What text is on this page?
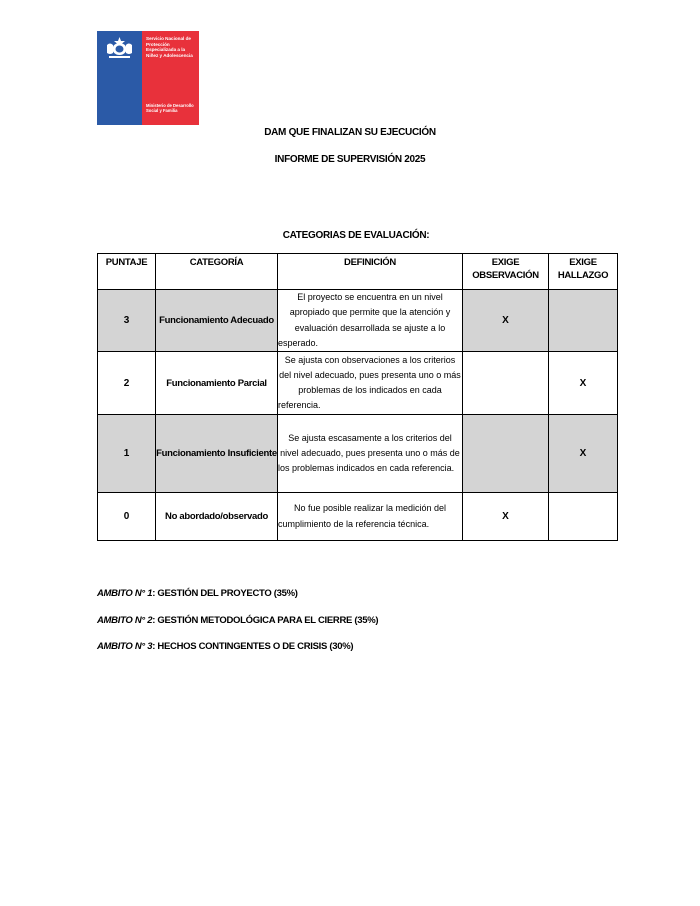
Servicio Nacional de Protección Especializada a la Niñez y Adolescencia
Ministerio de Desarrollo Social y Familia
DAM QUE FINALIZAN SU EJECUCIÓN
INFORME DE SUPERVISIÓN 2025
CATEGORIAS DE EVALUACIÓN:
PUNTAJE	CATEGORÍA	DEFINICIÓN	EXIGE OBSERVACIÓN	EXIGE HALLAZGO
3	Funcionamiento Adecuado	El proyecto se encuentra en un nivel apropiado que permite que la atención y evaluación desarrollada se ajuste a lo esperado.	X	
2	Funcionamiento Parcial	Se ajusta con observaciones a los criterios del nivel adecuado, pues presenta uno o más problemas de los indicados en cada referencia.		X
1	Funcionamiento Insuficiente	Se ajusta escasamente a los criterios del nivel adecuado, pues presenta uno o más de los problemas indicados en cada referencia.		X
0	No abordado/observado	No fue posible realizar la medición del cumplimiento de la referencia técnica.	X	
AMBITO N° 1: GESTIÓN DEL PROYECTO (35%)
AMBITO N° 2: GESTIÓN METODOLÓGICA PARA EL CIERRE (35%)
AMBITO N° 3: HECHOS CONTINGENTES O DE CRISIS (30%)
